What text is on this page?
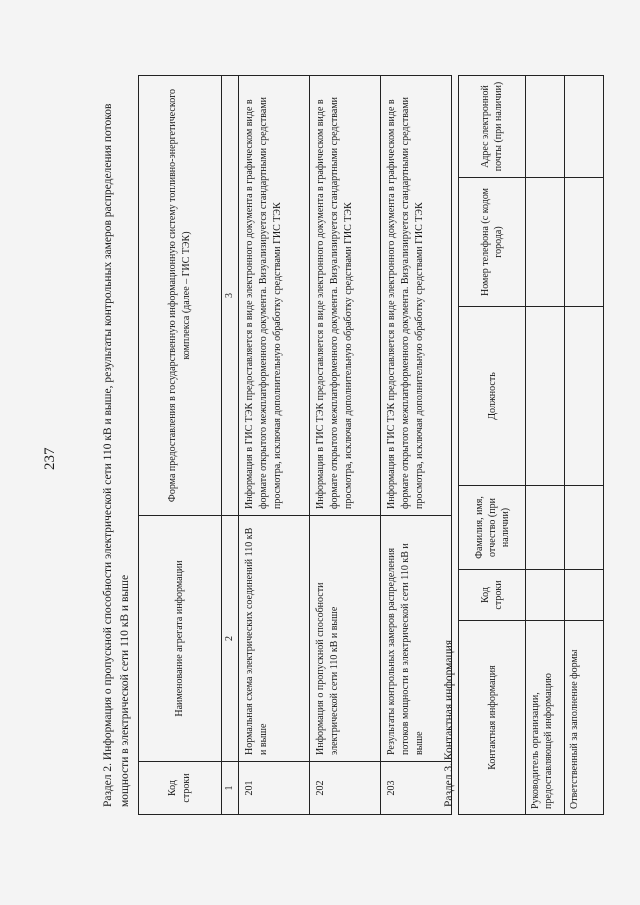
237	Раздел 2. Информация о пропускной способности электрической сети 110 кВ и выше, результаты контрольных замеров распределения потоков мощности в электрической сети 110 кВ и выше	Код строки	Наименование агрегата информации	Форма предоставления в государственную информационную систему топливно-энергетического комплекса (далее – ГИС ТЭК)
1	2	3
201	Нормальная схема электрических соединений 110 кВ и выше	Информация в ГИС ТЭК предоставляется в виде электронного документа в графическом виде в формате открытого межплатформенного документа. Визуализируется стандартными средствами просмотра, исключая дополнительную обработку средствами ГИС ТЭК
202	Информация о пропускной способности электрической сети 110 кВ и выше	Информация в ГИС ТЭК предоставляется в виде электронного документа в графическом виде в формате открытого межплатформенного документа. Визуализируется стандартными средствами просмотра, исключая дополнительную обработку средствами ГИС ТЭК
203	Результаты контрольных замеров распределения потоков мощности в электрической сети 110 кВ и выше	Информация в ГИС ТЭК предоставляется в виде электронного документа в графическом виде в формате открытого межплатформенного документа. Визуализируется стандартными средствами просмотра, исключая дополнительную обработку средствами ГИС ТЭК
Раздел 3. Контактная информация	Контактная информация	Код строки	Фамилия, имя, отчество (при наличии)	Должность	Номер телефона (с кодом города)	Адрес электронной почты (при наличии)
Руководитель организации, предоставляющей информацию					
Ответственный за заполнение формы					
